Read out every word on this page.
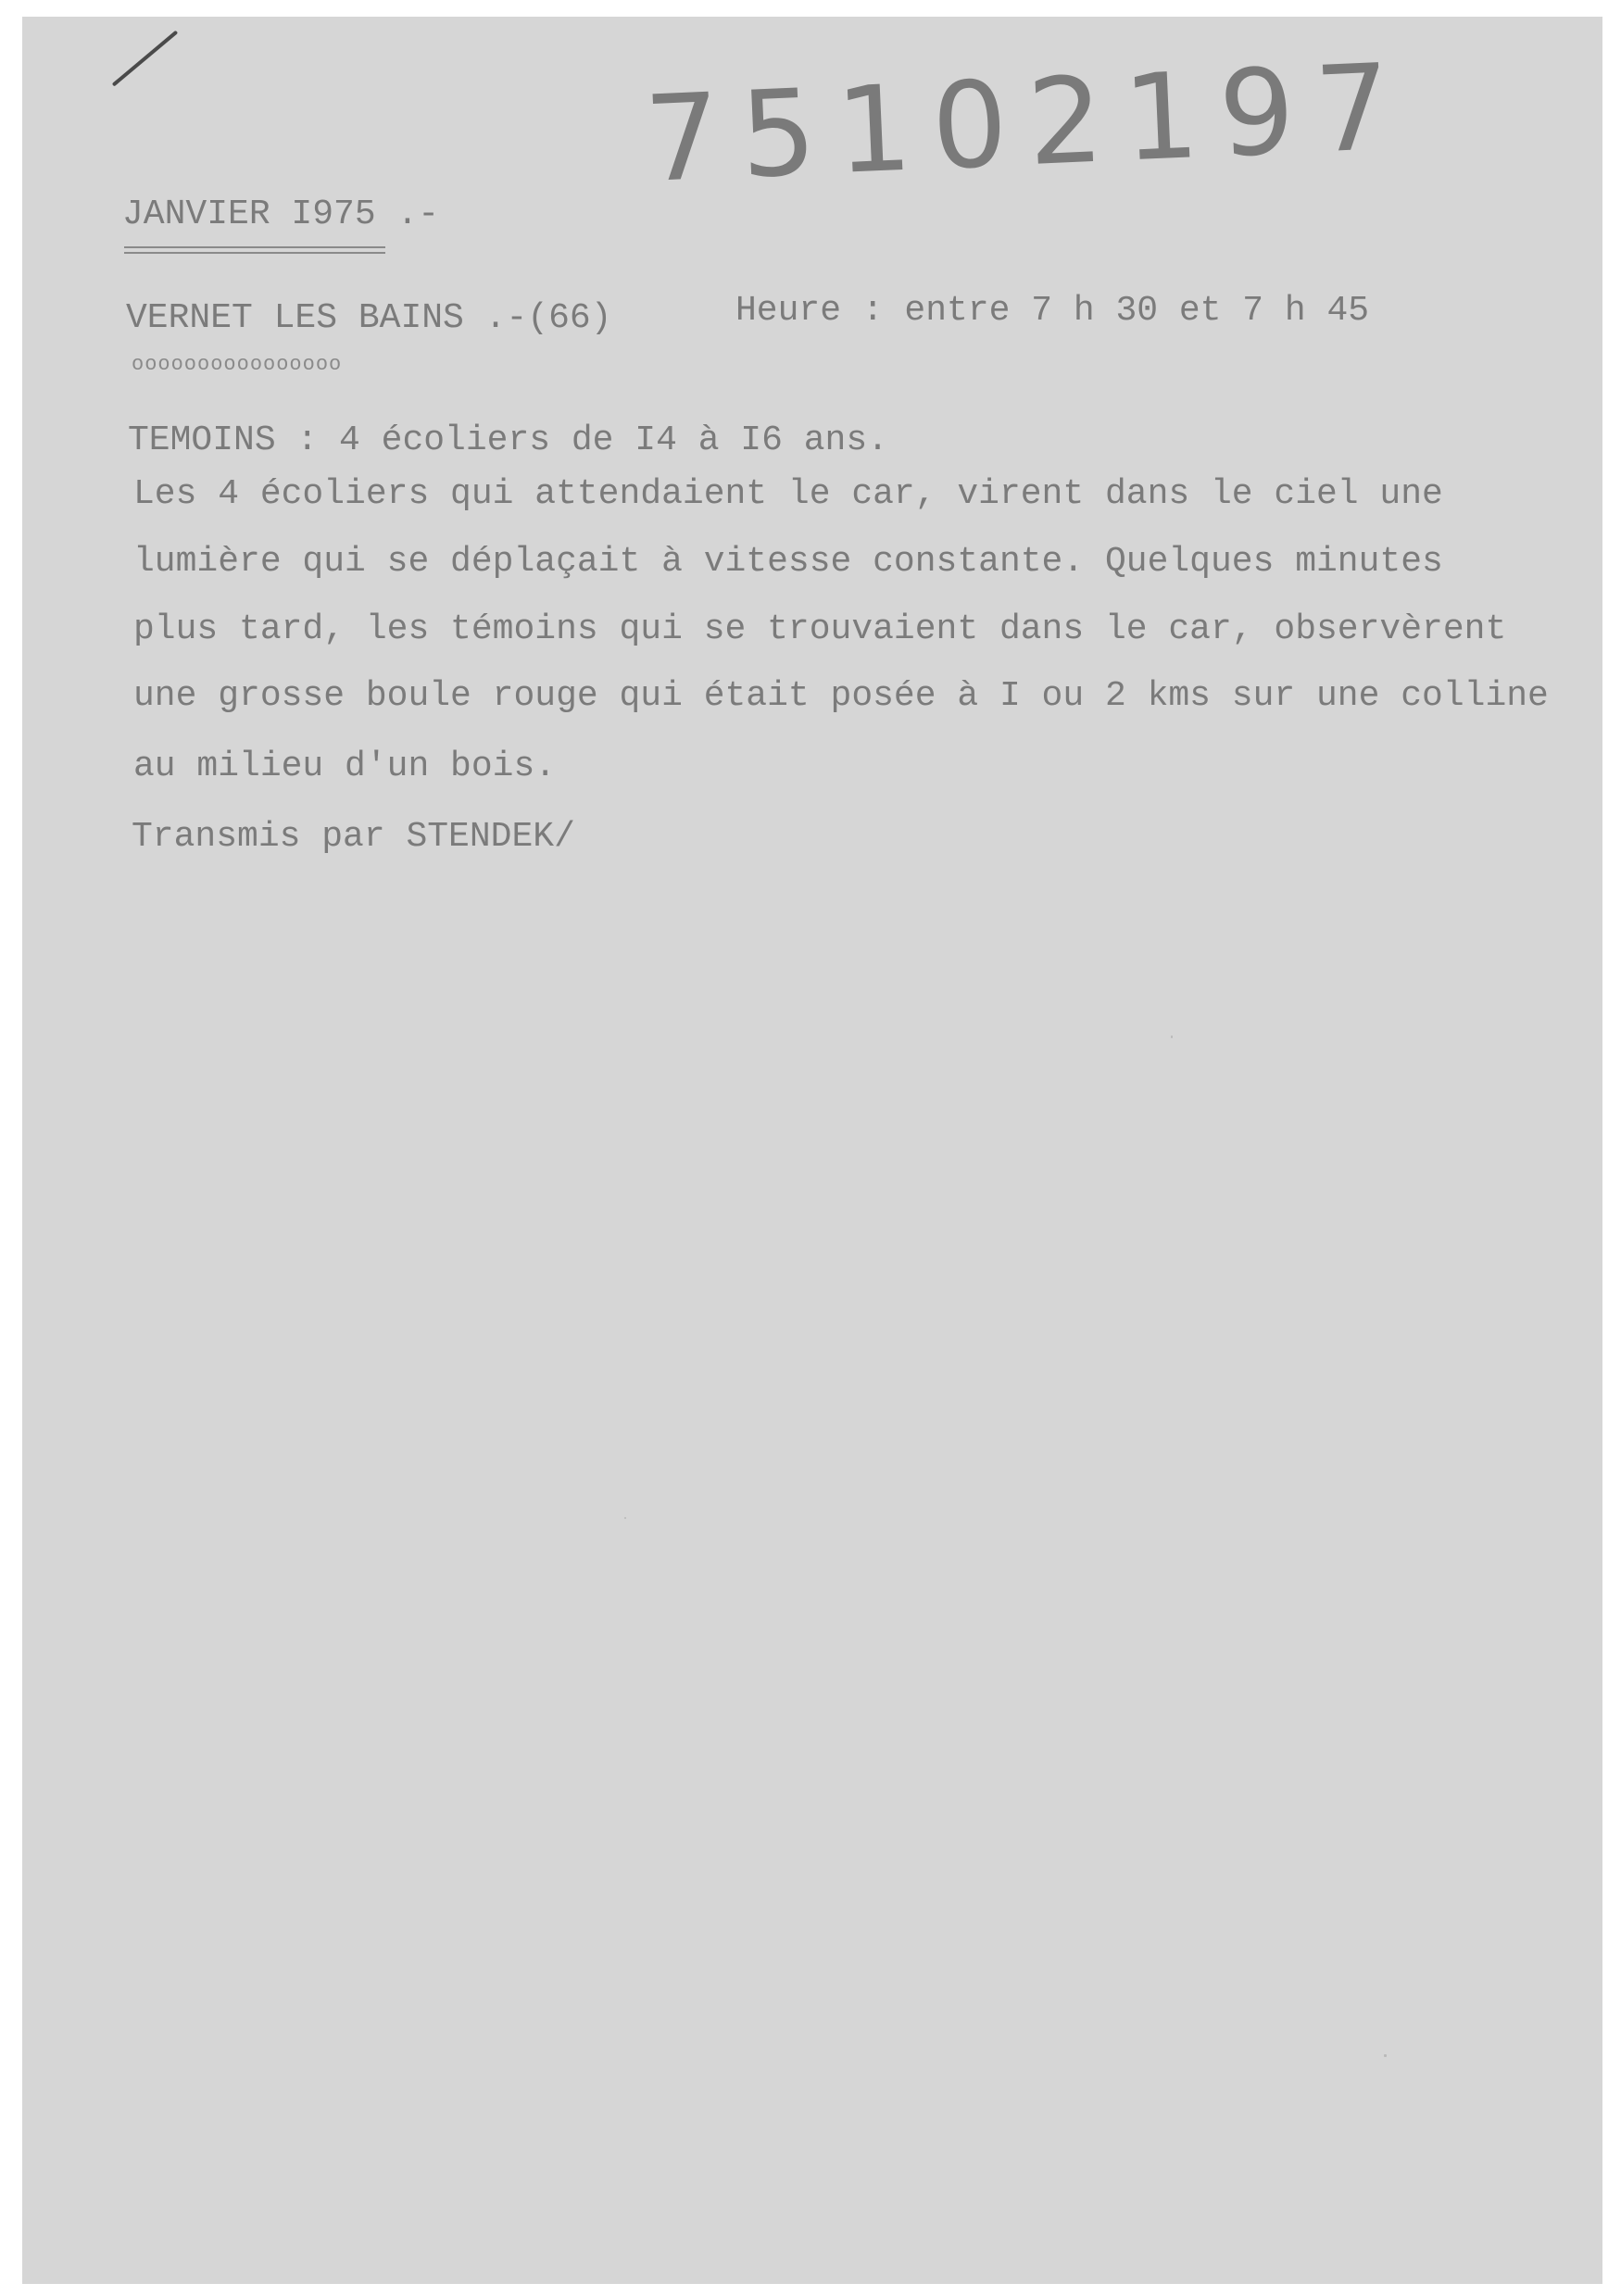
75102197
JANVIER I975 .-
VERNET LES BAINS .-(66)	Heure : entre 7 h 30 et 7 h 45
oooooooooooooooo
TEMOINS : 4 écoliers de I4 à I6 ans.
Les 4 écoliers qui attendaient le car, virent dans le ciel une
lumière qui se déplaçait à vitesse constante. Quelques minutes
plus tard, les témoins qui se trouvaient dans le car, observèrent
une grosse boule rouge qui était posée à I ou 2 kms sur une colline
au milieu d'un bois.
Transmis par STENDEK/
